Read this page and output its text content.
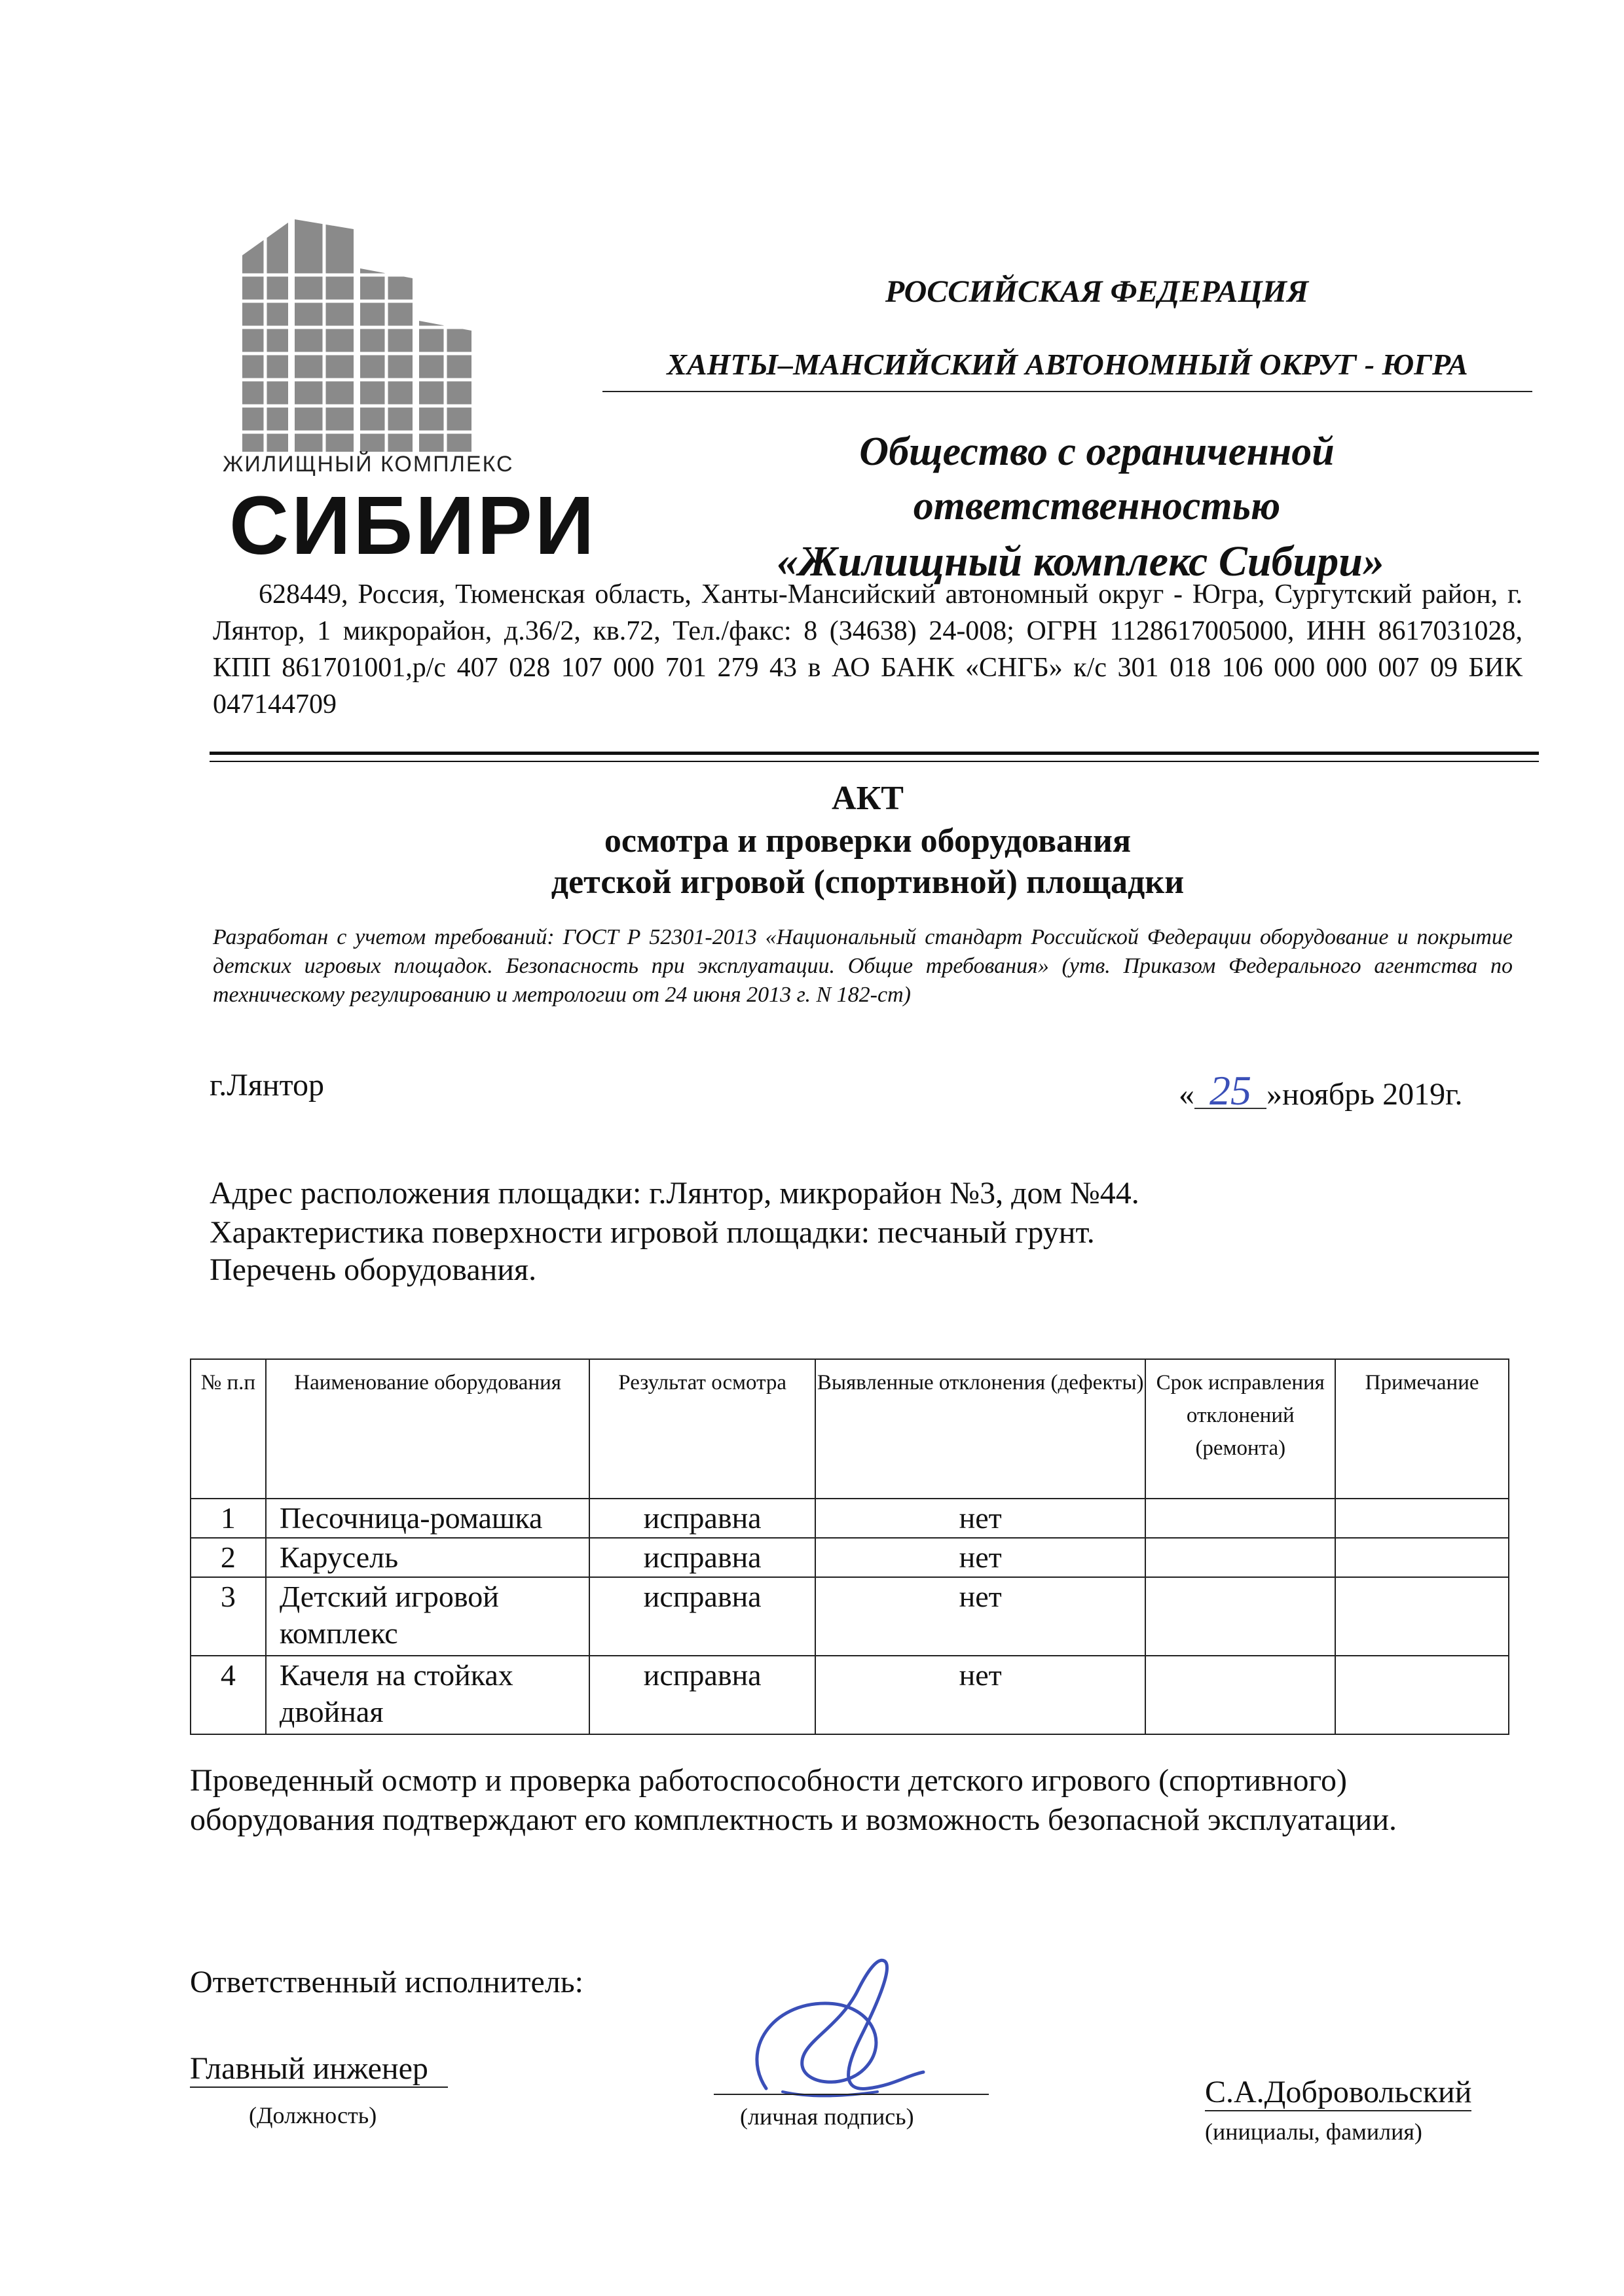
ЖИЛИЩНЫЙ КОМПЛЕКС
СИБИРИ
РОССИЙСКАЯ ФЕДЕРАЦИЯ
ХАНТЫ–МАНСИЙСКИЙ АВТОНОМНЫЙ ОКРУГ - ЮГРА
Общество с ограниченной
ответственностью
«Жилищный комплекс Сибири»
628449, Россия, Тюменская область, Ханты-Мансийский автономный округ - Югра, Сургутский район, г. Лянтор, 1 микрорайон, д.36/2, кв.72, Тел./факс: 8 (34638) 24-008; ОГРН 1128617005000, ИНН 8617031028, КПП 861701001,р/с 407 028 107 000 701 279 43 в АО БАНК «СНГБ» к/с 301 018 106 000 000 007 09 БИК 047144709
АКТ
осмотра и проверки оборудования
детской игровой (спортивной) площадки
Разработан с учетом требований: ГОСТ Р 52301-2013 «Национальный стандарт Российской Федерации оборудование и покрытие детских игровых площадок. Безопасность при эксплуатации. Общие требования» (утв. Приказом Федерального агентства по техническому регулированию и метрологии от 24 июня 2013 г. N 182-ст)
г.Лянтор	« 25 »ноябрь 2019г.
Адрес расположения площадки: г.Лянтор, микрорайон №3, дом №44.
Характеристика поверхности игровой площадки: песчаный грунт.
Перечень оборудования.
№ п.п	Наименование оборудования	Результат осмотра	Выявленные отклонения (дефекты)	Срок исправления отклонений (ремонта)	Примечание
1	Песочница-ромашка	исправна	нет		
2	Карусель	исправна	нет		
3	Детский игровой комплекс	исправна	нет		
4	Качеля на стойках двойная	исправна	нет		
Проведенный осмотр и проверка работоспособности детского игрового (спортивного) оборудования подтверждают его комплектность и возможность безопасной эксплуатации.
Ответственный исполнитель:
Главный инженер
(Должность)	(личная подпись)
С.А.Добровольский
(инициалы, фамилия)
